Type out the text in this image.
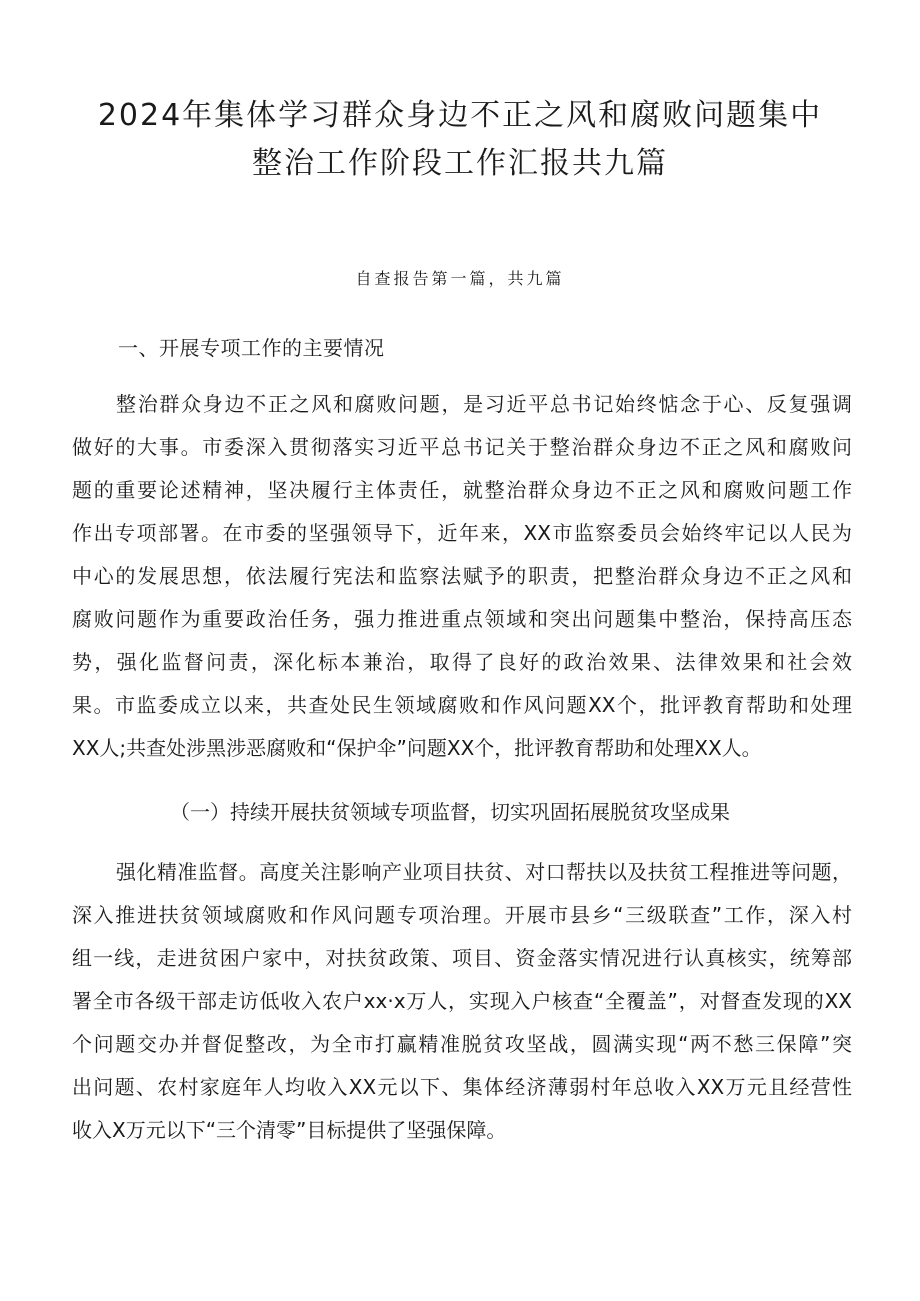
2024年集体学习群众身边不正之风和腐败问题集中
整治工作阶段工作汇报共九篇
自查报告第一篇，共九篇
一、开展专项工作的主要情况
整治群众身边不正之风和腐败问题，是习近平总书记始终惦念于心、反复强调
做好的大事。市委深入贯彻落实习近平总书记关于整治群众身边不正之风和腐败问
题的重要论述精神，坚决履行主体责任，就整治群众身边不正之风和腐败问题工作
作出专项部署。在市委的坚强领导下，近年来，XX市监察委员会始终牢记以人民为
中心的发展思想，依法履行宪法和监察法赋予的职责，把整治群众身边不正之风和
腐败问题作为重要政治任务，强力推进重点领域和突出问题集中整治，保持高压态
势，强化监督问责，深化标本兼治，取得了良好的政治效果、法律效果和社会效
果。市监委成立以来，共查处民生领域腐败和作风问题XX个，批评教育帮助和处理
XX人;共查处涉黑涉恶腐败和“保护伞”问题XX个，批评教育帮助和处理XX人。
（一）持续开展扶贫领域专项监督，切实巩固拓展脱贫攻坚成果
强化精准监督。高度关注影响产业项目扶贫、对口帮扶以及扶贫工程推进等问题，
深入推进扶贫领域腐败和作风问题专项治理。开展市县乡“三级联查”工作，深入村
组一线，走进贫困户家中，对扶贫政策、项目、资金落实情况进行认真核实，统筹部
署全市各级干部走访低收入农户xx·x万人，实现入户核查“全覆盖”，对督查发现的XX
个问题交办并督促整改，为全市打赢精准脱贫攻坚战，圆满实现“两不愁三保障”突
出问题、农村家庭年人均收入XX元以下、集体经济薄弱村年总收入XX万元且经营性
收入X万元以下“三个清零”目标提供了坚强保障。
